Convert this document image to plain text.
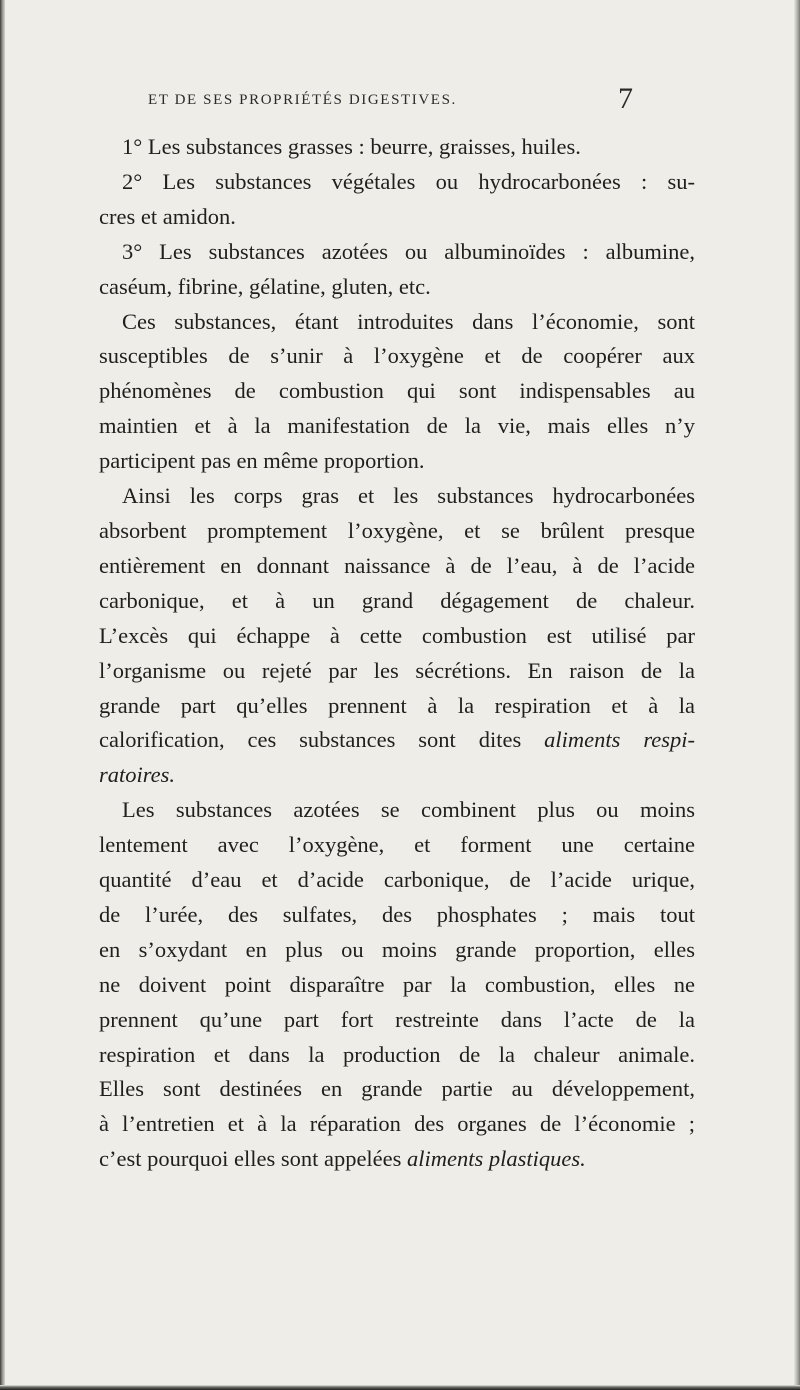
ET DE SES PROPRIÉTÉS DIGESTIVES.	7

1° Les substances grasses : beurre, graisses, huiles.

2° Les substances végétales ou hydrocarbonées : su-
cres et amidon.

3° Les substances azotées ou albuminoïdes : albumine,
caséum, fibrine, gélatine, gluten, etc.

Ces substances, étant introduites dans l’économie, sont
susceptibles de s’unir à l’oxygène et de coopérer aux
phénomènes de combustion qui sont indispensables au
maintien et à la manifestation de la vie, mais elles n’y
participent pas en même proportion.

Ainsi les corps gras et les substances hydrocarbonées
absorbent promptement l’oxygène, et se brûlent presque
entièrement en donnant naissance à de l’eau, à de l’acide
carbonique, et à un grand dégagement de chaleur.
L’excès qui échappe à cette combustion est utilisé par
l’organisme ou rejeté par les sécrétions. En raison de la
grande part qu’elles prennent à la respiration et à la
calorification, ces substances sont dites aliments respi-
ratoires.

Les substances azotées se combinent plus ou moins
lentement avec l’oxygène, et forment une certaine
quantité d’eau et d’acide carbonique, de l’acide urique,
de l’urée, des sulfates, des phosphates ; mais tout
en s’oxydant en plus ou moins grande proportion, elles
ne doivent point disparaître par la combustion, elles ne
prennent qu’une part fort restreinte dans l’acte de la
respiration et dans la production de la chaleur animale.
Elles sont destinées en grande partie au développement,
à l’entretien et à la réparation des organes de l’économie ;
c’est pourquoi elles sont appelées aliments plastiques.
